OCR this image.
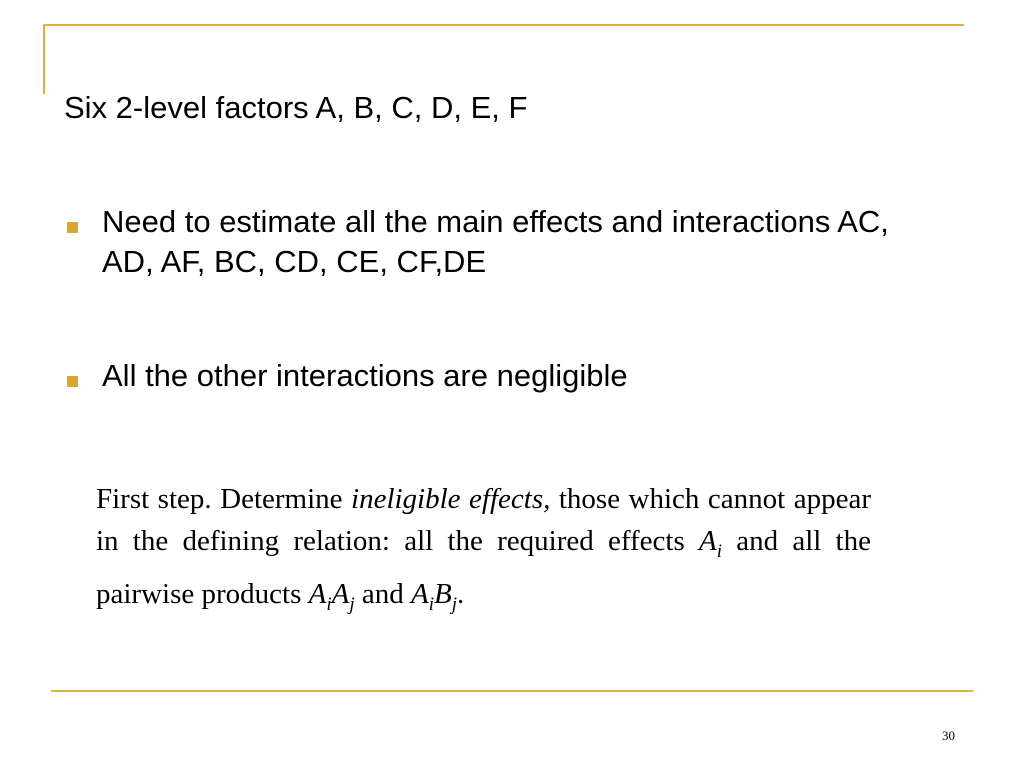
Six 2-level factors A, B, C, D, E, F
Need to estimate all the main effects and interactions AC, AD, AF, BC, CD, CE, CF,DE
All the other interactions are negligible
First step. Determine ineligible effects, those which cannot appear in the defining relation: all the required effects $A_i$ and all the pairwise products $A_iA_j$ and $A_iB_j$.
30
